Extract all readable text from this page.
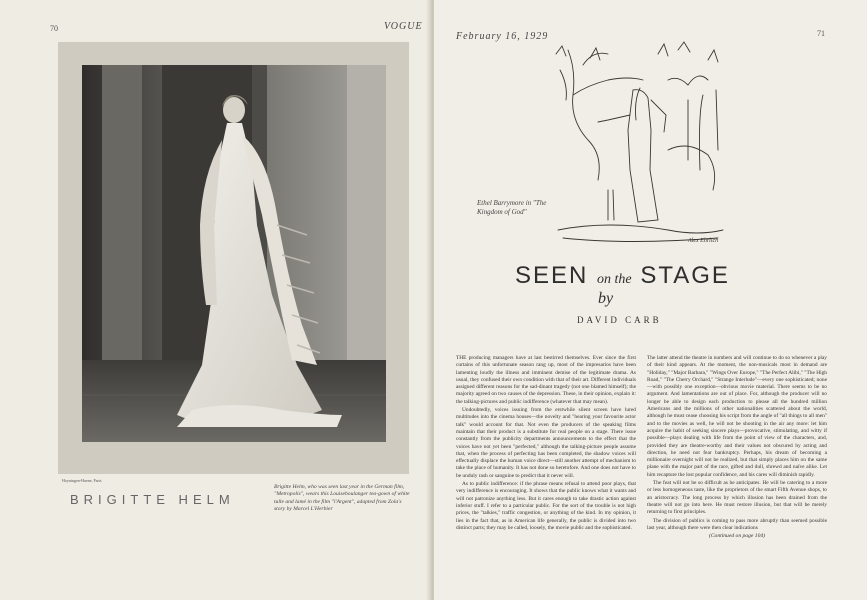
70	VOGUE
Hoyningen-Huene, Paris
BRIGITTE HELM
Brigitte Helm, who was seen last year in the German film, "Metropolis", wears this Louiseboulanger tea-gown of white tulle and lamé in the film "l'Argent", adapted from Zola's story by Marcel L'Herbier
February 16, 1929	71
Ethel Barrymore in "The Kingdom of God"
Alex Ehrlich
SEEN on the STAGE
by
DAVID CARB

THE producing managers have at last bestirred themselves. Ever since the first curtains of this unfortunate season rang up, most of the impresarios have been lamenting loudly the illness and imminent demise of the legitimate drama. As usual, they confused their own condition with that of their art. Different individuals assigned different reasons for the sad-dinant tragedy (not one blamed himself); the majority agreed on two causes of the depression. These, in their opinion, explain it: the talking-pictures and public indifference (whatever that may mean).

Undoubtedly, voices issuing from the erstwhile silent screen have lured multitudes into the cinema houses—the novelty and "hearing your favourite actor talk" would account for that. Not even the producers of the speaking films maintain that their product is a substitute for real people on a stage. There issue constantly from the publicity departments announcements to the effect that the voices have not yet been "perfected," although the talking-picture people assume that, when the process of perfecting has been completed, the shadow voices will effectually displace the human voice direct—still another attempt of mechanism to take the place of humanity. It has not done so heretofore. And one does not have to be unduly rash or sanguine to predict that it never will.

As to public indifference: if the phrase means refusal to attend poor plays, that very indifference is encouraging. It shows that the public knows what it wants and will not patronize anything less. But it cares enough to take drastic action against inferior stuff. I refer to a particular public. For the sort of the trouble is not high prices, the "talkies," traffic congestion, or anything of the kind. In my opinion, it lies in the fact that, as in American life generally, the public is divided into two distinct parts; they may be called, loosely, the movie public and the sophisticated.

The latter attend the theatre in numbers and will continue to do so whenever a play of their kind appears. At the moment, the non-musicals most in demand are "Holiday," "Major Barbara," "Wings Over Europe," "The Perfect Alibi," "The High Road," "The Cherry Orchard," "Strange Interlude"—every one sophisticated; none—with possibly one exception—obvious movie material. There seems to be no argument. And lamentations are out of place. For, although the producer will no longer be able to design each production to please all the hundred million Americans and the millions of other nationalities scattered about the world, although he must cease choosing his script from the angle of "all things to all men" and to the movies as well, he will not be shooting in the air any more: let him acquire the habit of seeking sincere plays—provocative, stimulating, and witty if possible—plays dealing with life from the point of view of the characters, and, provided they are theatre-worthy and their values not obscured by acting and direction, he need not fear bankruptcy. Perhaps, his dream of becoming a millionaire overnight will not be realized, but that simply places him on the same plane with the major part of the race, gifted and dull, shrewd and naïve alike. Let him recapture the lost popular confidence, and his cares will diminish rapidly.

The feat will not be so difficult as he anticipates. He will be catering to a more or less homogeneous taste, like the proprietors of the smart Fifth Avenue shops, to an aristocracy. The long process by which illusion has been drained from the theatre will not go into here. He must restore illusion, but that will be merely returning to first principles.

The division of publics is coming to pass more abruptly than seemed possible last year, although there were then clear indications

(Continued on page 104)
